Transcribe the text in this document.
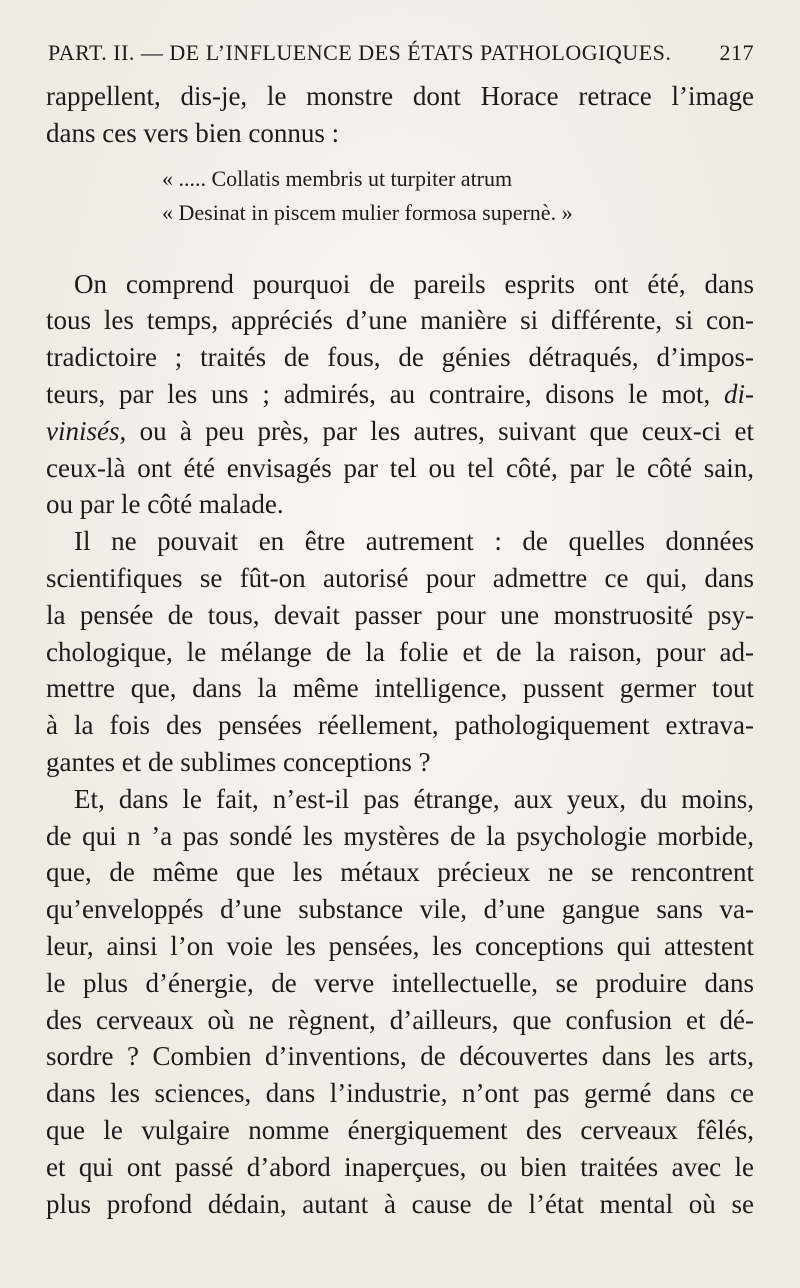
PART. II. — DE L’INFLUENCE DES ÉTATS PATHOLOGIQUES. 217

rappellent, dis-je, le monstre dont Horace retrace l’image
dans ces vers bien connus :

« ..... Collatis membris ut turpiter atrum
« Desinat in piscem mulier formosa supernè. »

On comprend pourquoi de pareils esprits ont été, dans
tous les temps, appréciés d’une manière si différente, si con-
tradictoire ; traités de fous, de génies détraqués, d’impos-
teurs, par les uns ; admirés, au contraire, disons le mot, di-
vinisés, ou à peu près, par les autres, suivant que ceux-ci et
ceux-là ont été envisagés par tel ou tel côté, par le côté sain,
ou par le côté malade.

Il ne pouvait en être autrement : de quelles données
scientifiques se fût-on autorisé pour admettre ce qui, dans
la pensée de tous, devait passer pour une monstruosité psy-
chologique, le mélange de la folie et de la raison, pour ad-
mettre que, dans la même intelligence, pussent germer tout
à la fois des pensées réellement, pathologiquement extrava-
gantes et de sublimes conceptions ?

Et, dans le fait, n’est-il pas étrange, aux yeux, du moins,
de qui n ’a pas sondé les mystères de la psychologie morbide,
que, de même que les métaux précieux ne se rencontrent
qu’enveloppés d’une substance vile, d’une gangue sans va-
leur, ainsi l’on voie les pensées, les conceptions qui attestent
le plus d’énergie, de verve intellectuelle, se produire dans
des cerveaux où ne règnent, d’ailleurs, que confusion et dé-
sordre ? Combien d’inventions, de découvertes dans les arts,
dans les sciences, dans l’industrie, n’ont pas germé dans ce
que le vulgaire nomme énergiquement des cerveaux fêlés,
et qui ont passé d’abord inaperçues, ou bien traitées avec le
plus profond dédain, autant à cause de l’état mental où se
